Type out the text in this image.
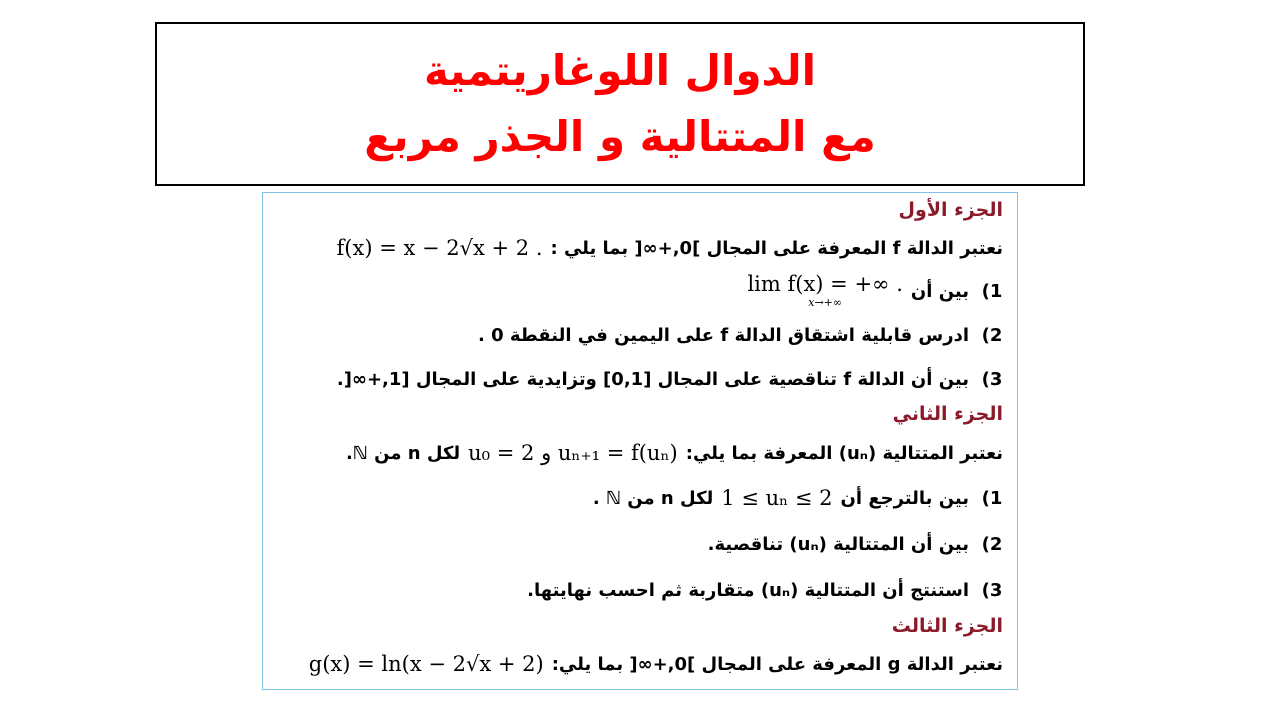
الدوال اللوغاريتمية
مع المتتالية و الجذر مربع
الجزء الأول
نعتبر الدالة f المعرفة على المجال ]0,+∞[ بما يلي :
f(x) = x − 2√x + 2 .
1)
بين أن
lim f(x) = +∞ .
x→+∞
2)
ادرس قابلية اشتقاق الدالة f على اليمين في النقطة 0 .
3)
بين أن الدالة f تناقصية على المجال [0,1] وتزايدية على المجال [1,+∞[.
الجزء الثاني
نعتبر المتتالية (uₙ) المعرفة بما يلي:
u₀ = 2 و uₙ₊₁ = f(uₙ)
لكل n من ℕ.
1)
بين بالترجع أن
1 ≤ uₙ ≤ 2
لكل n من ℕ .
2)
بين أن المتتالية (uₙ) تناقصية.
3)
استنتج أن المتتالية (uₙ) متقاربة ثم احسب نهايتها.
الجزء الثالث
نعتبر الدالة g المعرفة على المجال ]0,+∞[ بما يلي:
g(x) = ln(x − 2√x + 2)
